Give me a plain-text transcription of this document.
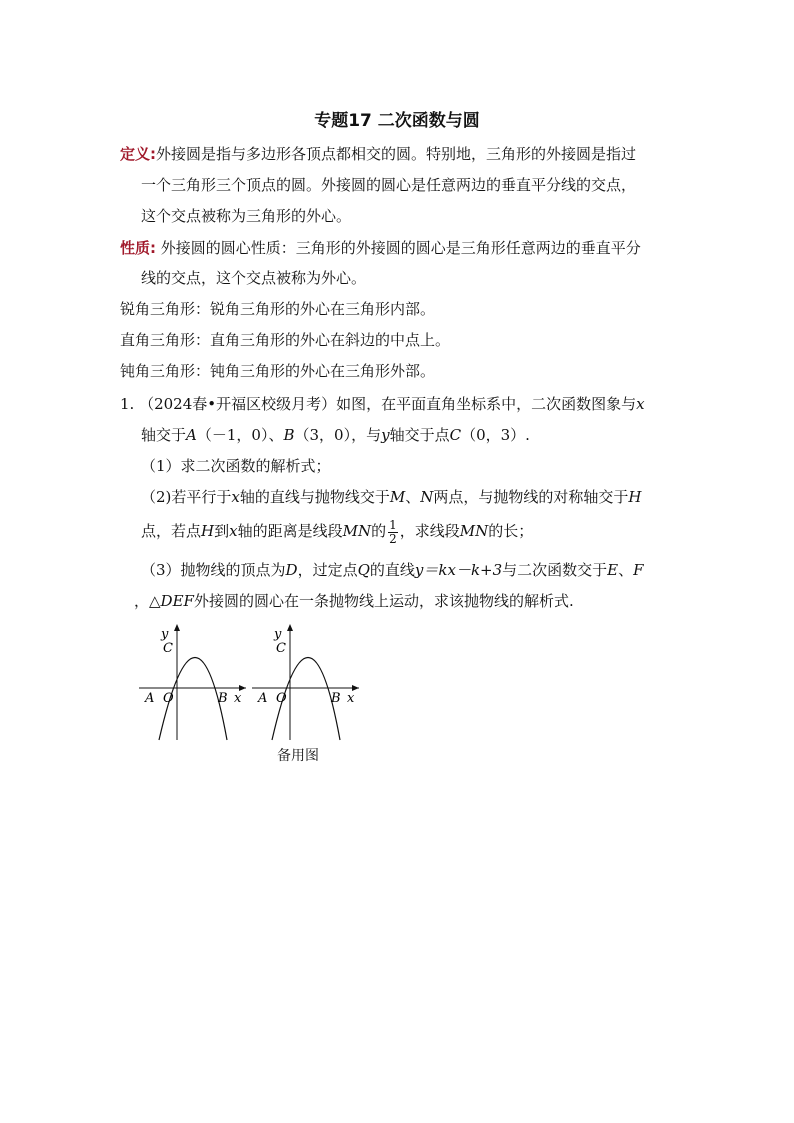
专题17 二次函数与圆
定义:外接圆是指与多边形各顶点都相交的圆。特别地，三角形的外接圆是指过
一个三角形三个顶点的圆。外接圆的圆心是任意两边的垂直平分线的交点，
这个交点被称为三角形的外心。
性质: 外接圆的圆心性质：三角形的外接圆的圆心是三角形任意两边的垂直平分
线的交点，这个交点被称为外心。
锐角三角形：锐角三角形的外心在三角形内部。
直角三角形：直角三角形的外心在斜边的中点上。
钝角三角形：钝角三角形的外心在三角形外部。
1. （2024春•开福区校级月考）如图，在平面直角坐标系中，二次函数图象与x
轴交于A（－1，0）、B（3，0），与y轴交于点C（0，3）.
（1）求二次函数的解析式；
（2)若平行于x轴的直线与抛物线交于M、N两点，与抛物线的对称轴交于H
点，若点H到x轴的距离是线段MN的 $\frac{1}{2}$ ，求线段MN的长；
（3）抛物线的顶点为D，过定点Q的直线y＝kx－k+3与二次函数交于E、F
，△DEF外接圆的圆心在一条抛物线上运动，求该抛物线的解析式.
y
C
A O	B x
y
C
A O	B x
备用图
